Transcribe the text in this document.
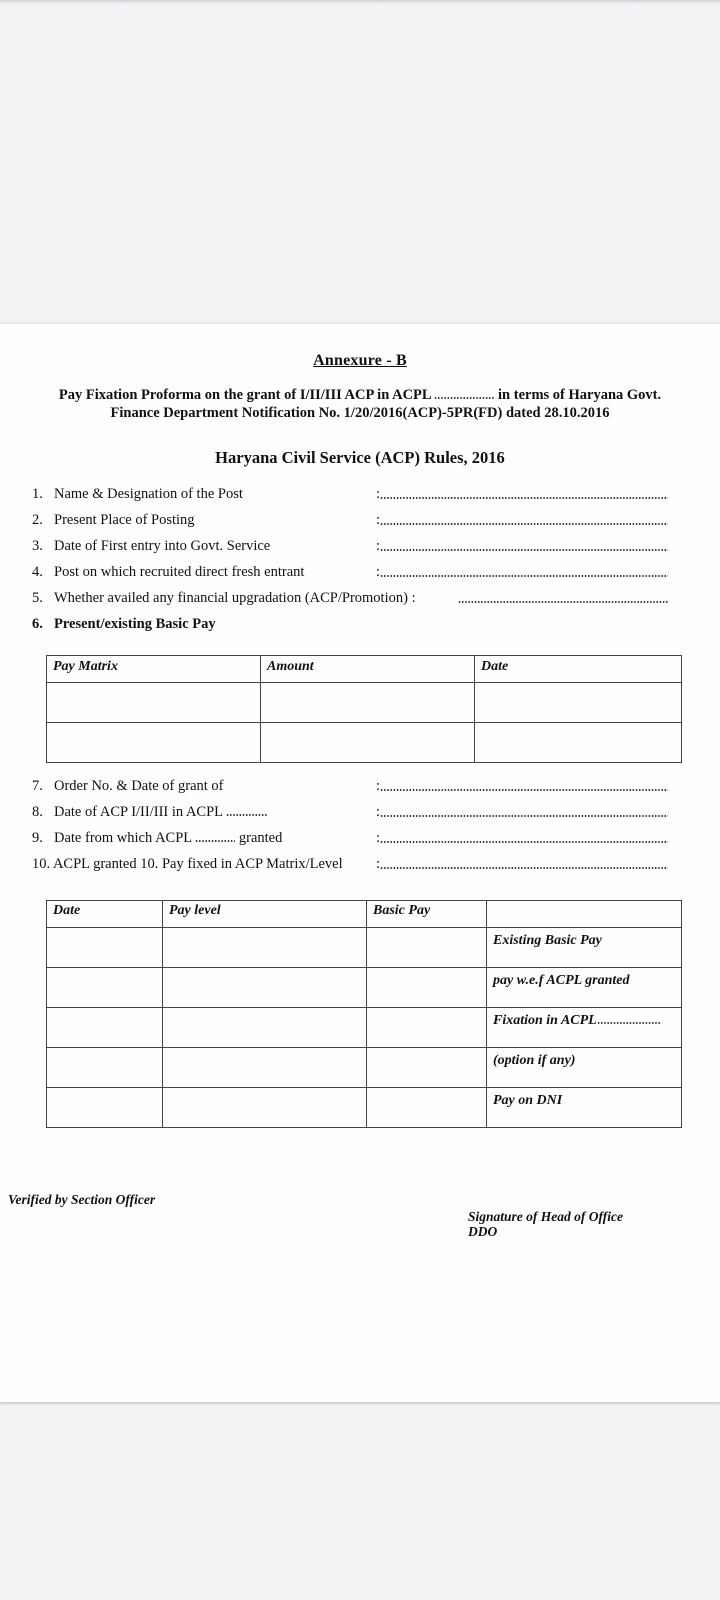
Annexure - B
Pay Fixation Proforma on the grant of I/II/III ACP in ACPL	in terms of Haryana Govt.
Finance Department Notification No. 1/20/2016(ACP)-5PR(FD) dated 28.10.2016
Haryana Civil Service (ACP) Rules, 2016
1. Name & Designation of the Post	:
2. Present Place of Posting	:
3. Date of First entry into Govt. Service	:
4. Post on which recruited direct fresh entrant	:
5. Whether availed any financial upgradation (ACP/Promotion) :
6. Present/existing Basic Pay
Pay Matrix	Amount	Date

7. Order No. & Date of grant of	:
8. Date of ACP I/II/III in ACPL	:
9. Date from which ACPL	granted	:
10. ACPL granted 10. Pay fixed in ACP Matrix/Level :
Date	Pay level	Basic Pay	
			Existing Basic Pay
			pay w.e.f ACPL granted
			Fixation in ACPL
			(option if any)
			Pay on DNI
Verified by Section Officer
Signature of Head of Office
DDO
